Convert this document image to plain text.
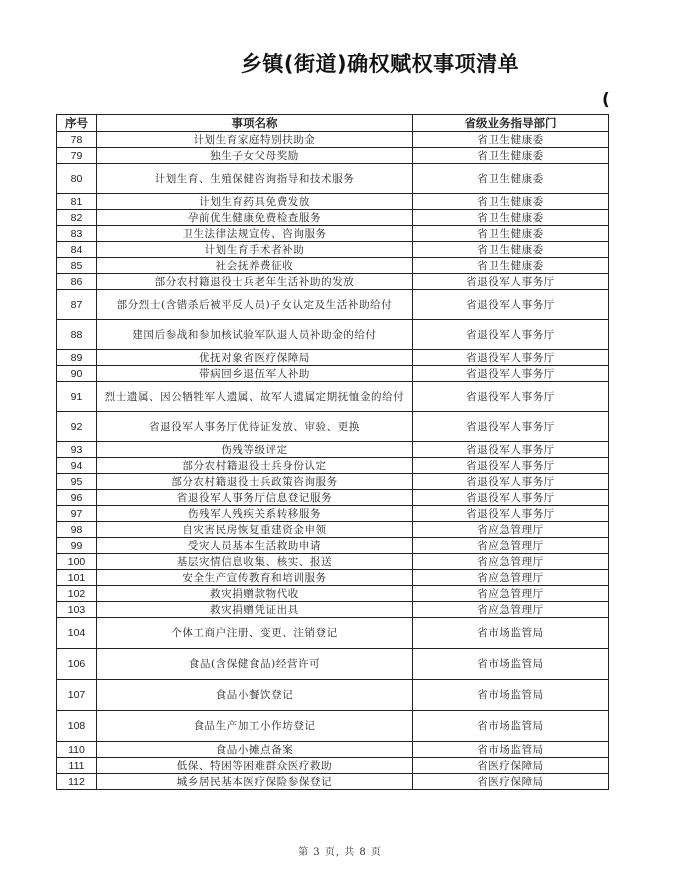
乡镇(街道)确权赋权事项清单
(
序号	事项名称	省级业务指导部门
78	计划生育家庭特别扶助金	省卫生健康委
79	独生子女父母奖励	省卫生健康委
80	计划生育、生殖保健咨询指导和技术服务	省卫生健康委
81	计划生育药具免费发放	省卫生健康委
82	孕前优生健康免费检查服务	省卫生健康委
83	卫生法律法规宣传、咨询服务	省卫生健康委
84	计划生育手术者补助	省卫生健康委
85	社会抚养费征收	省卫生健康委
86	部分农村籍退役士兵老年生活补助的发放	省退役军人事务厅
87	部分烈士(含错杀后被平反人员)子女认定及生活补助给付	省退役军人事务厅
88	建国后参战和参加核试验军队退人员补助金的给付	省退役军人事务厅
89	优抚对象省医疗保障局	省退役军人事务厅
90	带病回乡退伍军人补助	省退役军人事务厅
91	烈士遗属、因公牺牲军人遗属、故军人遗属定期抚恤金的给付	省退役军人事务厅
92	省退役军人事务厅优待证发放、审验、更换	省退役军人事务厅
93	伤残等级评定	省退役军人事务厅
94	部分农村籍退役士兵身份认定	省退役军人事务厅
95	部分农村籍退役士兵政策咨询服务	省退役军人事务厅
96	省退役军人事务厅信息登记服务	省退役军人事务厅
97	伤残军人残疾关系转移服务	省退役军人事务厅
98	自灾害民房恢复重建资金申领	省应急管理厅
99	受灾人员基本生活救助申请	省应急管理厅
100	基层灾情信息收集、核实、报送	省应急管理厅
101	安全生产宣传教育和培训服务	省应急管理厅
102	救灾捐赠款物代收	省应急管理厅
103	救灾捐赠凭证出具	省应急管理厅
104	个体工商户注册、变更、注销登记	省市场监管局
106	食品(含保健食品)经营许可	省市场监管局
107	食品小餐饮登记	省市场监管局
108	食品生产加工小作坊登记	省市场监管局
110	食品小摊点备案	省市场监管局
111	低保、特困等困难群众医疗救助	省医疗保障局
112	城乡居民基本医疗保险参保登记	省医疗保障局
第 3 页, 共 8 页
